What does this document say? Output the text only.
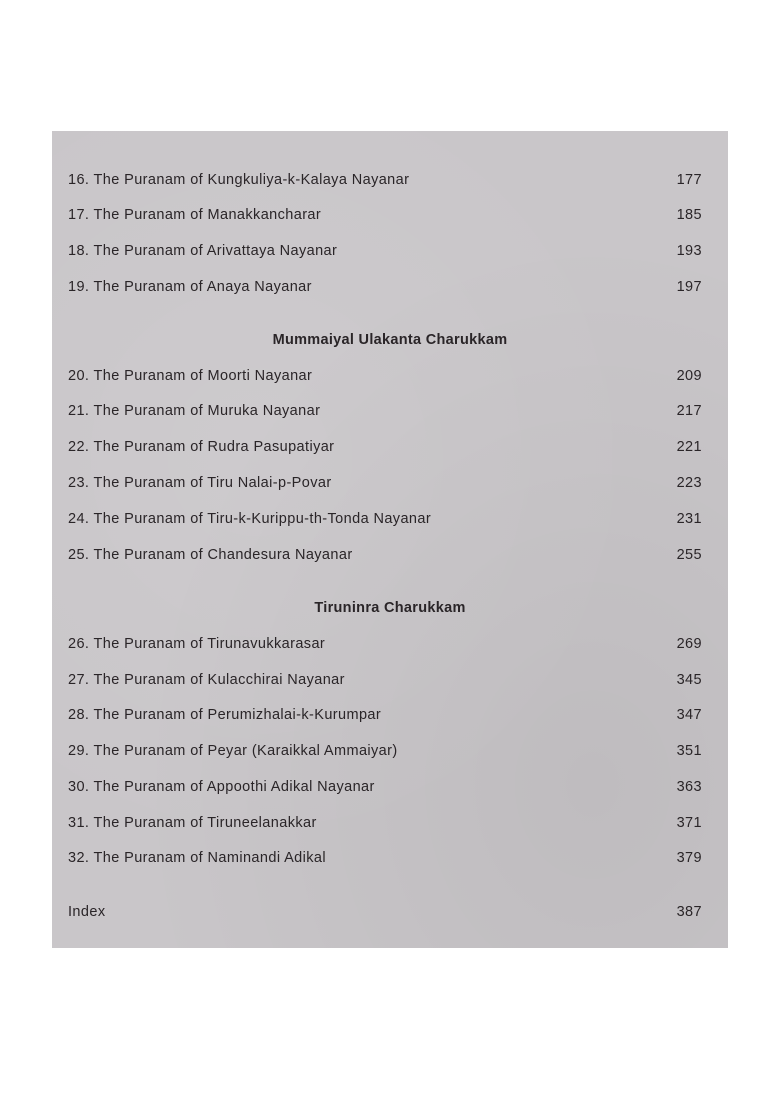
16. The Puranam of Kungkuliya-k-Kalaya Nayanar	177
17. The Puranam of Manakkancharar	185
18. The Puranam of Arivattaya Nayanar	193
19. The Puranam of Anaya Nayanar	197
Mummaiyal Ulakanta Charukkam
20. The Puranam of Moorti Nayanar	209
21. The Puranam of Muruka Nayanar	217
22. The Puranam of Rudra Pasupatiyar	221
23. The Puranam of Tiru Nalai-p-Povar	223
24. The Puranam of Tiru-k-Kurippu-th-Tonda Nayanar	231
25. The Puranam of Chandesura Nayanar	255
Tiruninra Charukkam
26. The Puranam of Tirunavukkarasar	269
27. The Puranam of Kulacchirai Nayanar	345
28. The Puranam of Perumizhalai-k-Kurumpar	347
29. The Puranam of Peyar (Karaikkal Ammaiyar)	351
30. The Puranam of Appoothi Adikal Nayanar	363
31. The Puranam of Tiruneelanakkar	371
32. The Puranam of Naminandi Adikal	379
Index	387
